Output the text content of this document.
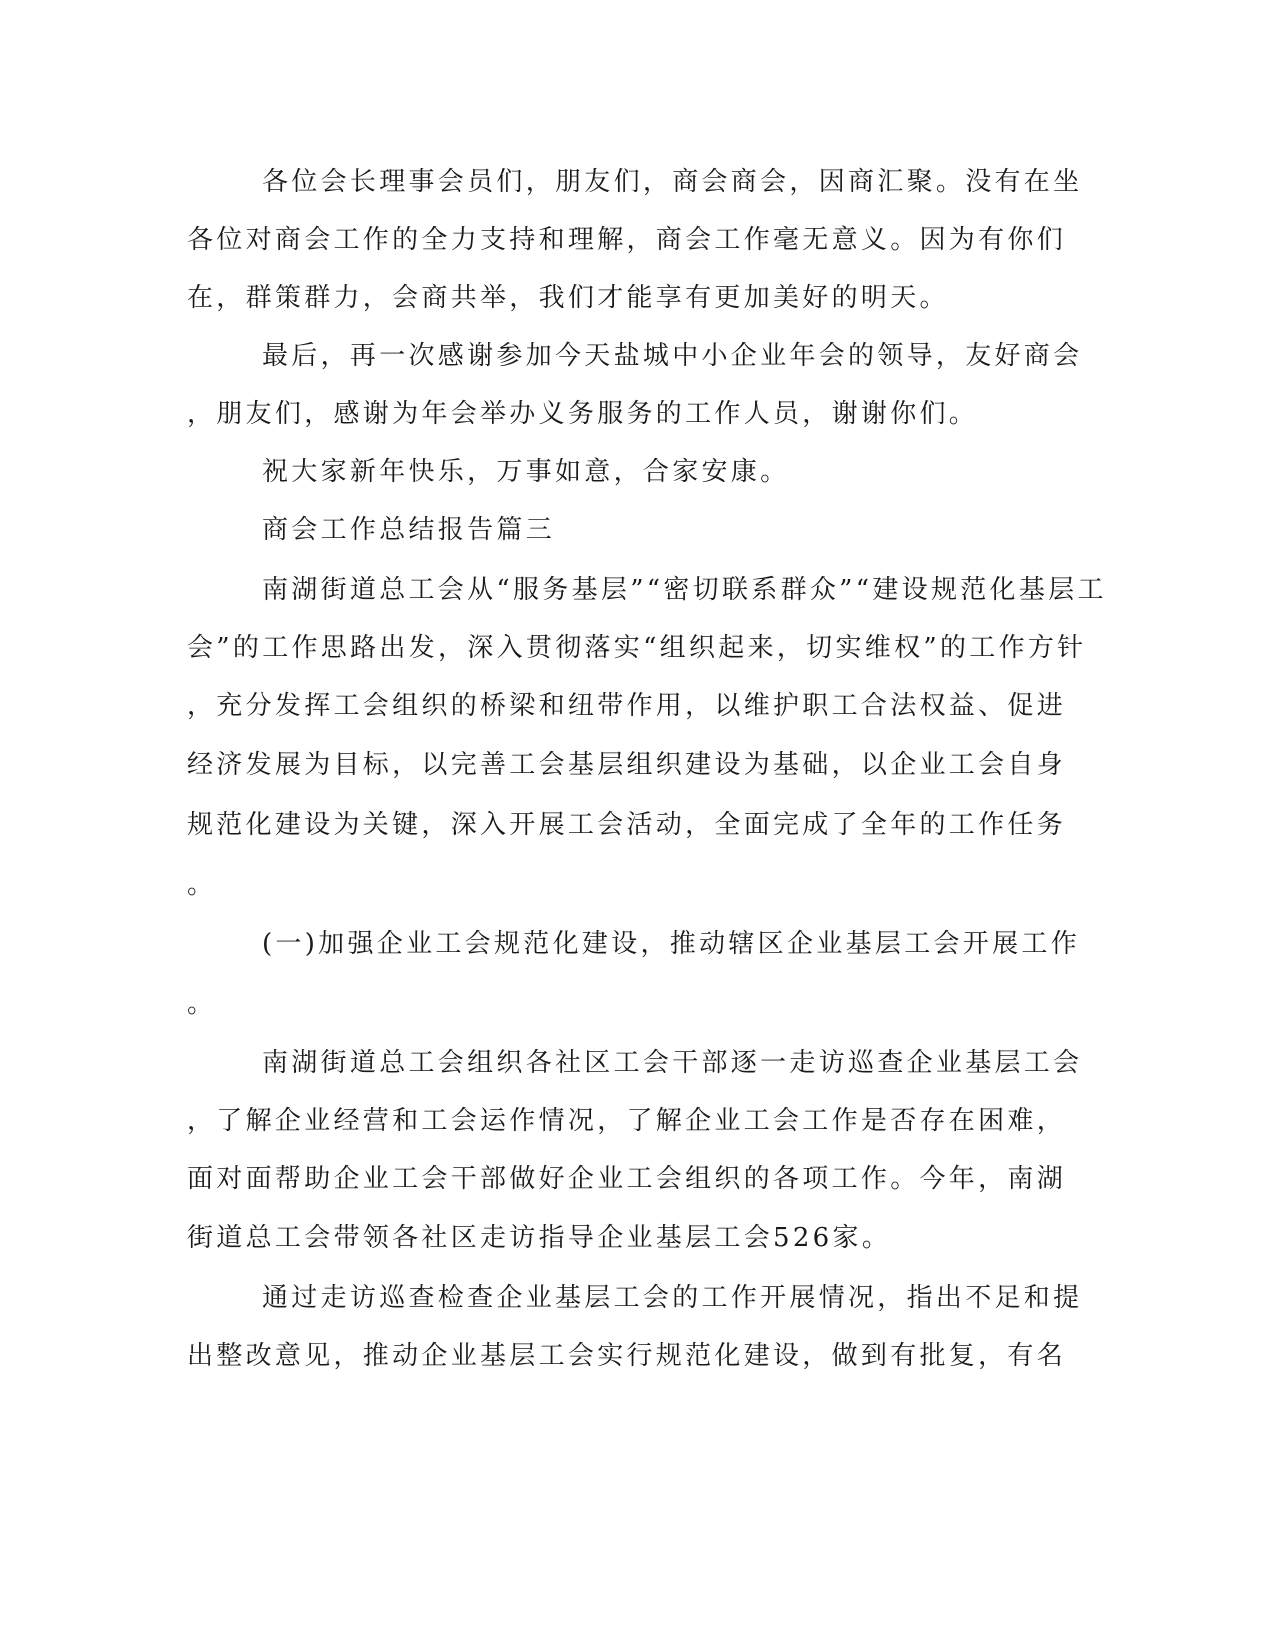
各位会长理事会员们，朋友们，商会商会，因商汇聚。没有在坐

各位对商会工作的全力支持和理解，商会工作毫无意义。因为有你们

在，群策群力，会商共举，我们才能享有更加美好的明天。

最后，再一次感谢参加今天盐城中小企业年会的领导，友好商会

，朋友们，感谢为年会举办义务服务的工作人员，谢谢你们。

祝大家新年快乐，万事如意，合家安康。

商会工作总结报告篇三

南湖街道总工会从“服务基层”“密切联系群众”“建设规范化基层工

会”的工作思路出发，深入贯彻落实“组织起来，切实维权”的工作方针

，充分发挥工会组织的桥梁和纽带作用，以维护职工合法权益、促进

经济发展为目标，以完善工会基层组织建设为基础，以企业工会自身

规范化建设为关键，深入开展工会活动，全面完成了全年的工作任务

。

(一)加强企业工会规范化建设，推动辖区企业基层工会开展工作

。

南湖街道总工会组织各社区工会干部逐一走访巡查企业基层工会

，了解企业经营和工会运作情况，了解企业工会工作是否存在困难，

面对面帮助企业工会干部做好企业工会组织的各项工作。今年，南湖

街道总工会带领各社区走访指导企业基层工会526家。

通过走访巡查检查企业基层工会的工作开展情况，指出不足和提

出整改意见，推动企业基层工会实行规范化建设，做到有批复，有名
